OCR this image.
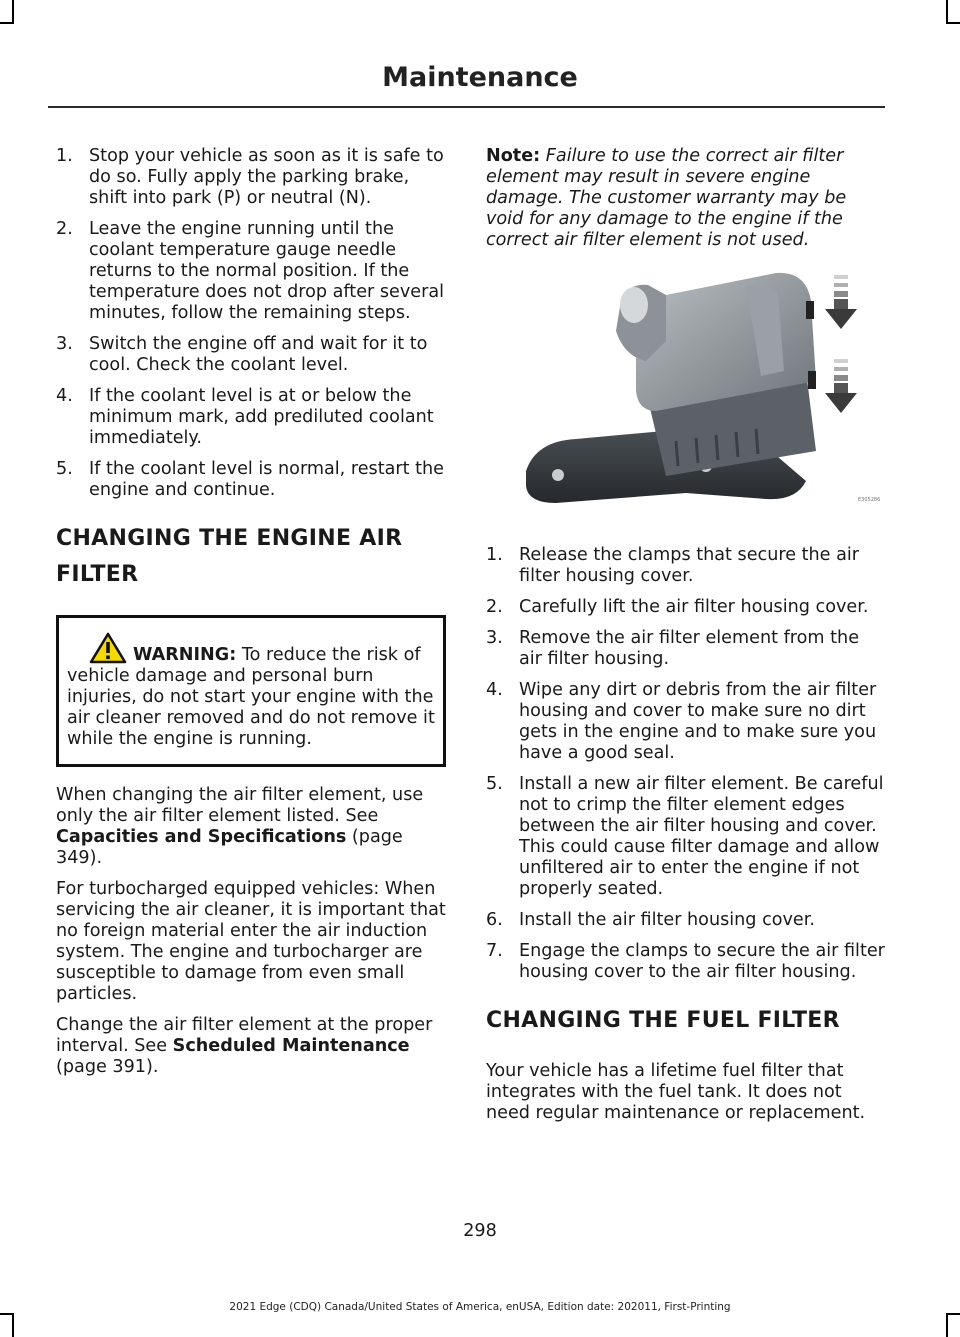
Maintenance
1. Stop your vehicle as soon as it is safe to do so. Fully apply the parking brake, shift into park (P) or neutral (N).
2. Leave the engine running until the coolant temperature gauge needle returns to the normal position. If the temperature does not drop after several minutes, follow the remaining steps.
3. Switch the engine off and wait for it to cool. Check the coolant level.
4. If the coolant level is at or below the minimum mark, add prediluted coolant immediately.
5. If the coolant level is normal, restart the engine and continue.
CHANGING THE ENGINE AIR FILTER
WARNING: To reduce the risk of vehicle damage and personal burn injuries, do not start your engine with the air cleaner removed and do not remove it while the engine is running.

When changing the air filter element, use only the air filter element listed. See Capacities and Specifications (page 349).

For turbocharged equipped vehicles: When servicing the air cleaner, it is important that no foreign material enter the air induction system. The engine and turbocharger are susceptible to damage from even small particles.

Change the air filter element at the proper interval. See Scheduled Maintenance (page 391).

Note: Failure to use the correct air filter element may result in severe engine damage. The customer warranty may be void for any damage to the engine if the correct air filter element is not used.

E305286
1. Release the clamps that secure the air filter housing cover.
2. Carefully lift the air filter housing cover.
3. Remove the air filter element from the air filter housing.
4. Wipe any dirt or debris from the air filter housing and cover to make sure no dirt gets in the engine and to make sure you have a good seal.
5. Install a new air filter element. Be careful not to crimp the filter element edges between the air filter housing and cover. This could cause filter damage and allow unfiltered air to enter the engine if not properly seated.
6. Install the air filter housing cover.
7. Engage the clamps to secure the air filter housing cover to the air filter housing.
CHANGING THE FUEL FILTER

Your vehicle has a lifetime fuel filter that integrates with the fuel tank. It does not need regular maintenance or replacement.

298
2021 Edge (CDQ) Canada/United States of America, enUSA, Edition date: 202011, First-Printing
